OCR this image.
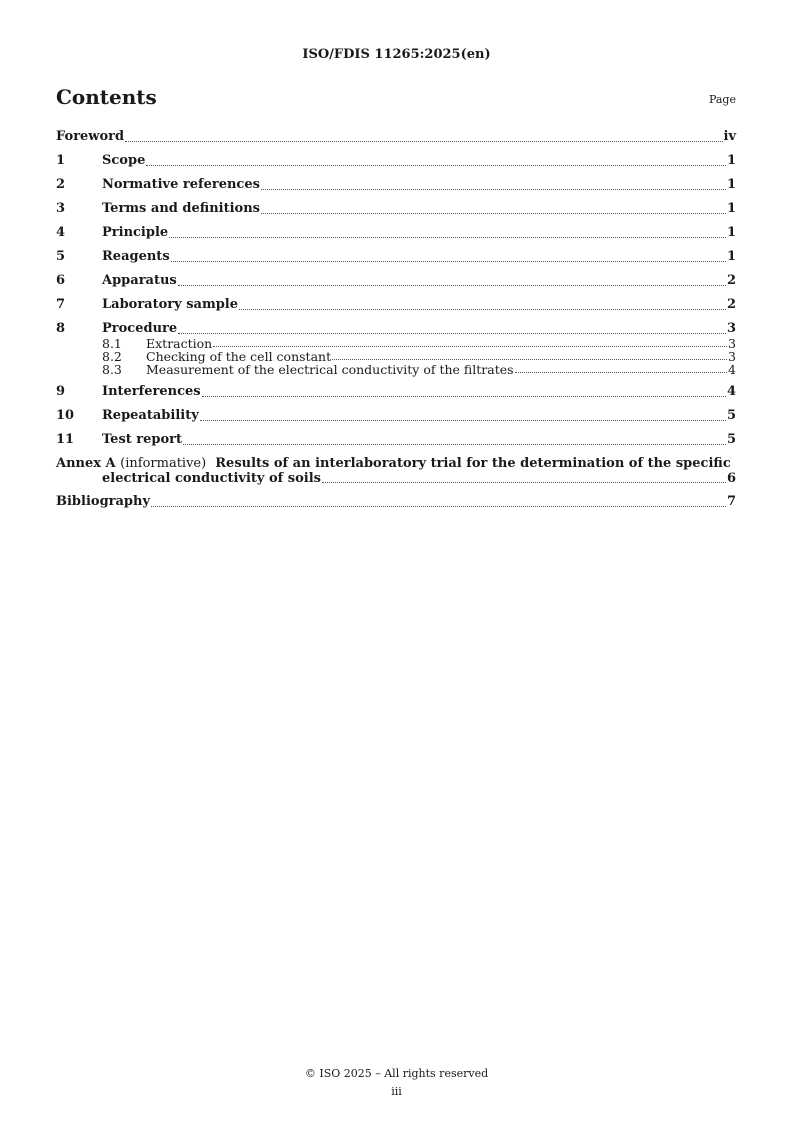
ISO/FDIS 11265:2025(en)
Contents	Page
Foreword	iv
1	Scope	1
2	Normative references	1
3	Terms and definitions	1
4	Principle	1
5	Reagents	1
6	Apparatus	2
7	Laboratory sample	2
8	Procedure	3
8.1	Extraction	3
8.2	Checking of the cell constant	3
8.3	Measurement of the electrical conductivity of the filtrates	4
9	Interferences	4
10	Repeatability	5
11	Test report	5
Annex A (informative) Results of an interlaboratory trial for the determination of the specific
electrical conductivity of soils	6
Bibliography	7
© ISO 2025 – All rights reserved
iii
